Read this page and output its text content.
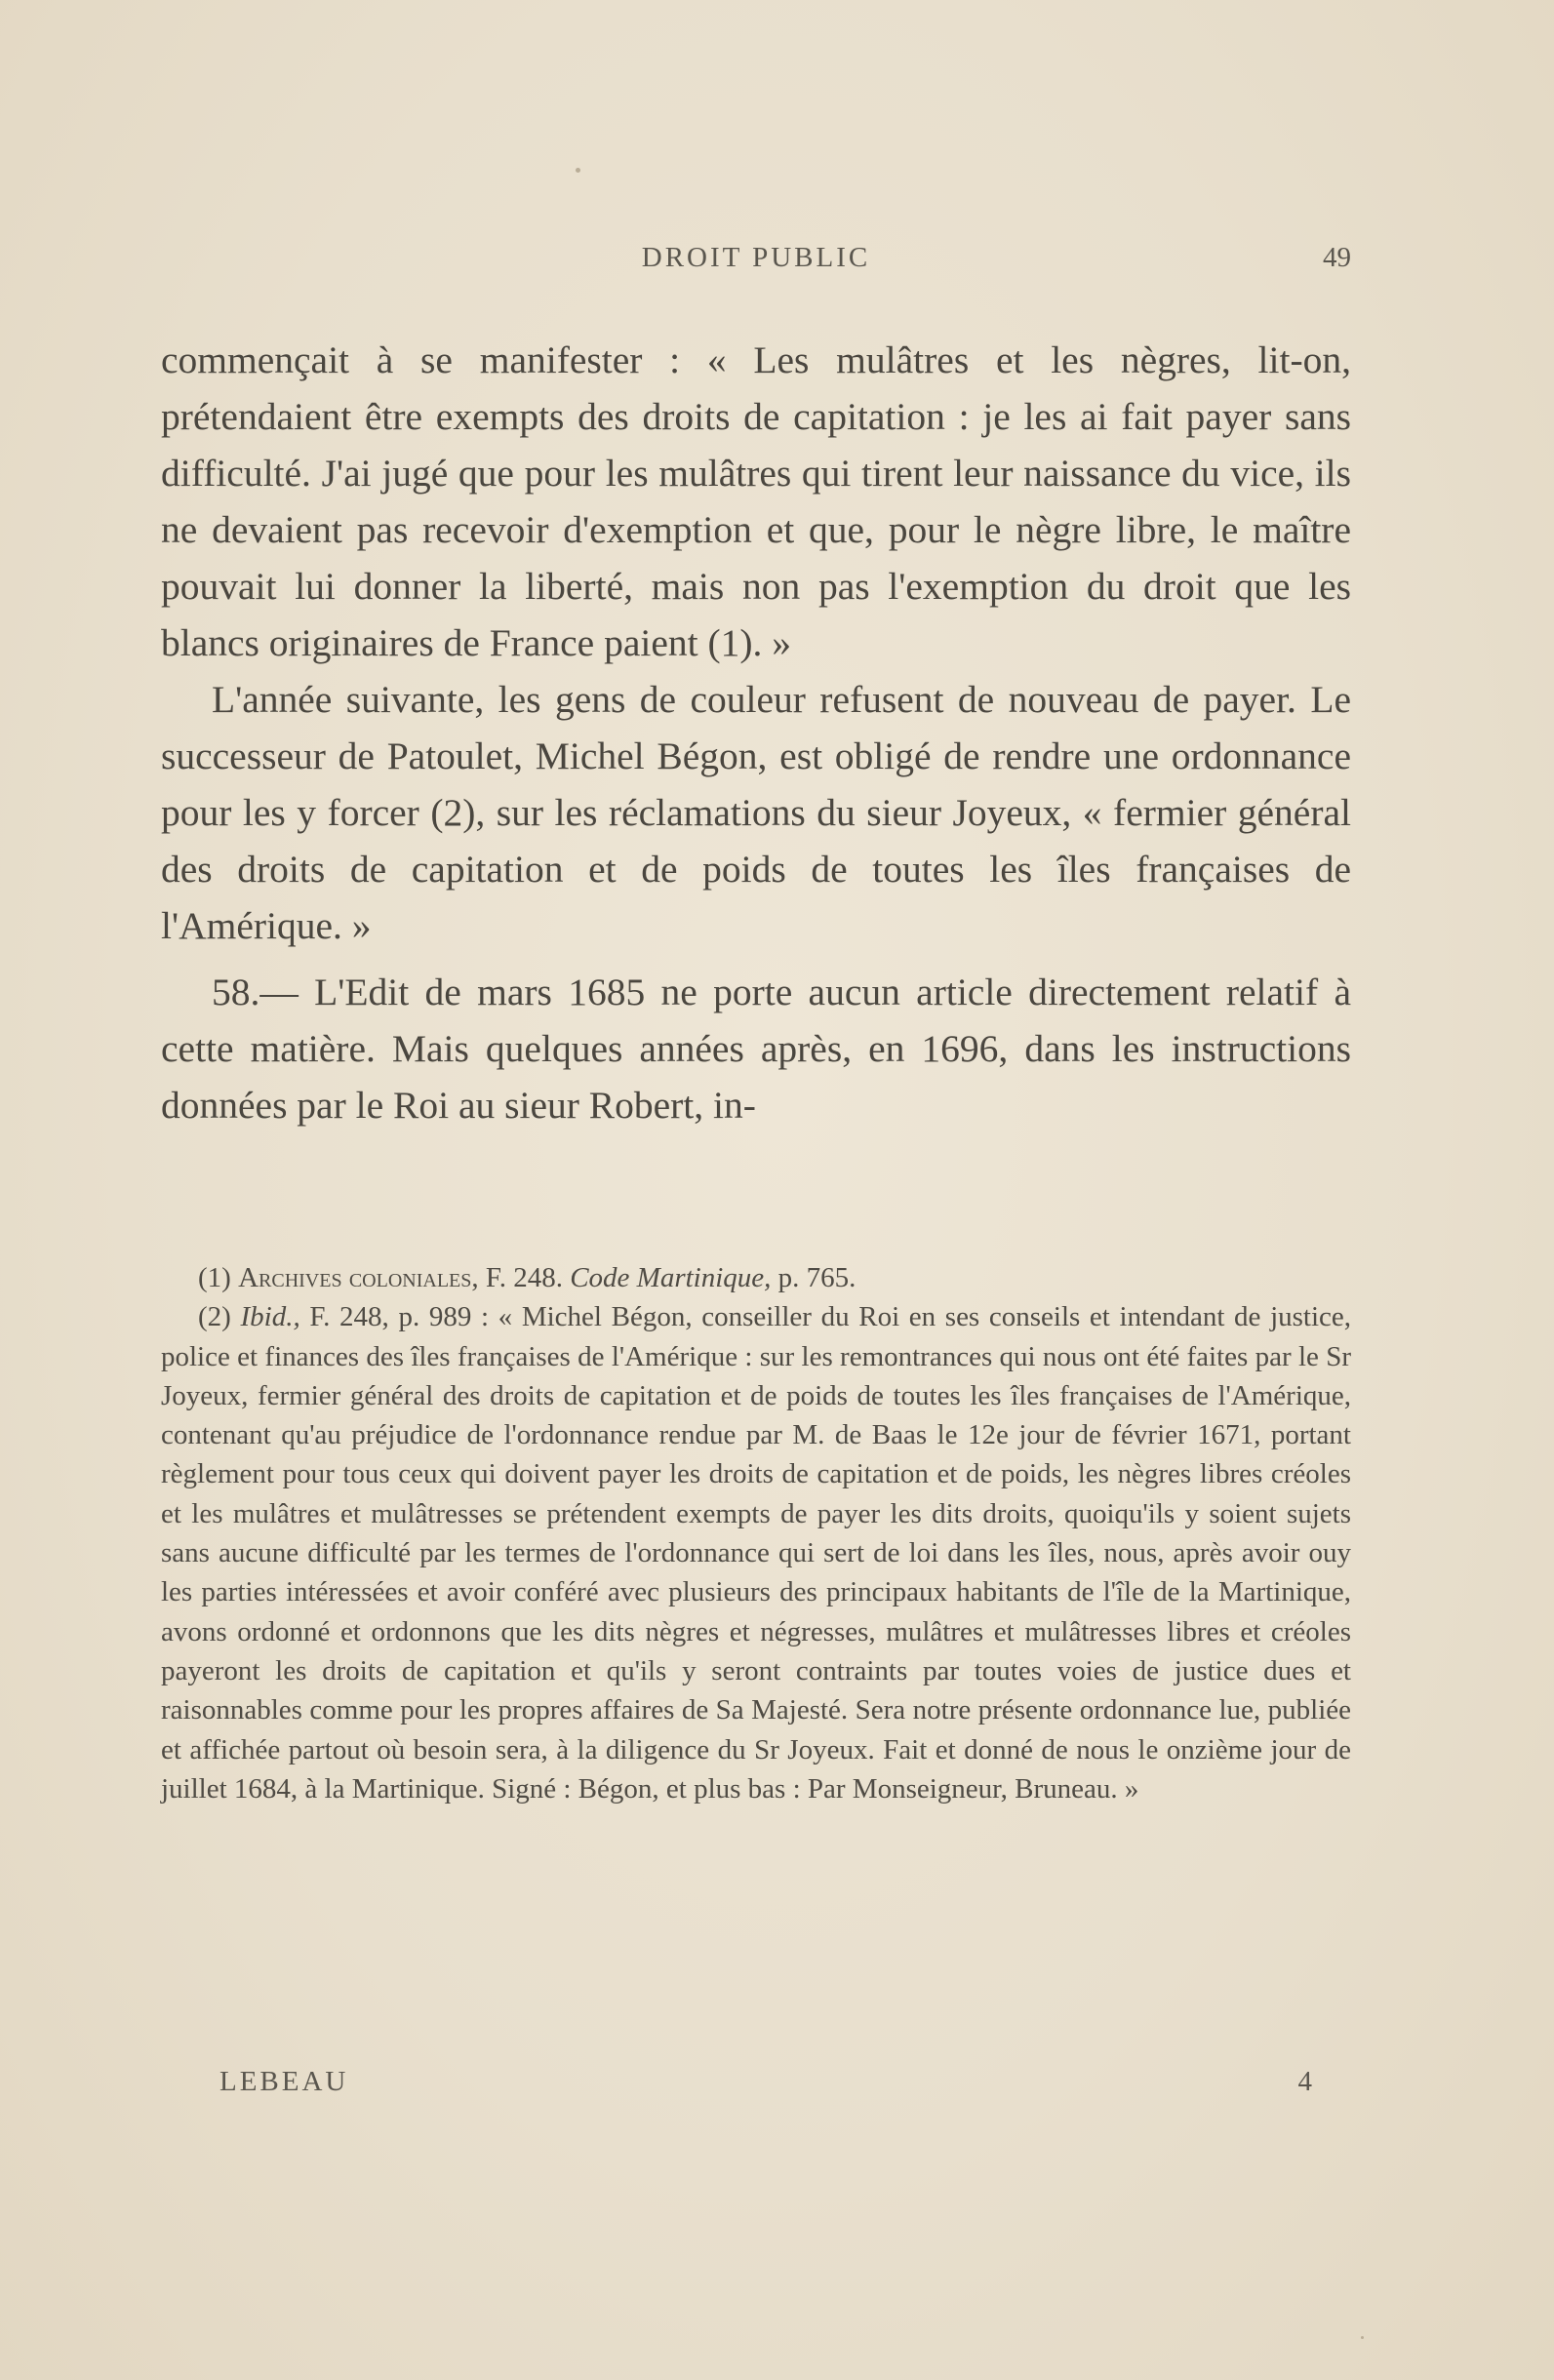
DROIT PUBLIC	49

commençait à se manifester : « Les mulâtres et les nègres, lit-on, prétendaient être exempts des droits de capitation : je les ai fait payer sans difficulté. J'ai jugé que pour les mulâtres qui tirent leur naissance du vice, ils ne devaient pas recevoir d'exemption et que, pour le nègre libre, le maître pouvait lui donner la liberté, mais non pas l'exemption du droit que les blancs originaires de France paient (1). »

L'année suivante, les gens de couleur refusent de nouveau de payer. Le successeur de Patoulet, Michel Bégon, est obligé de rendre une ordonnance pour les y forcer (2), sur les réclamations du sieur Joyeux, « fermier général des droits de capitation et de poids de toutes les îles françaises de l'Amérique. »

58.— L'Edit de mars 1685 ne porte aucun article directement relatif à cette matière. Mais quelques années après, en 1696, dans les instructions données par le Roi au sieur Robert, in-

(1) Archives coloniales, F. 248. Code Martinique, p. 765.

(2) Ibid., F. 248, p. 989 : « Michel Bégon, conseiller du Roi en ses conseils et intendant de justice, police et finances des îles françaises de l'Amérique : sur les remontrances qui nous ont été faites par le Sr Joyeux, fermier général des droits de capitation et de poids de toutes les îles françaises de l'Amérique, contenant qu'au préjudice de l'ordonnance rendue par M. de Baas le 12e jour de février 1671, portant règlement pour tous ceux qui doivent payer les droits de capitation et de poids, les nègres libres créoles et les mulâtres et mulâtresses se prétendent exempts de payer les dits droits, quoiqu'ils y soient sujets sans aucune difficulté par les termes de l'ordonnance qui sert de loi dans les îles, nous, après avoir ouy les parties intéressées et avoir conféré avec plusieurs des principaux habitants de l'île de la Martinique, avons ordonné et ordonnons que les dits nègres et négresses, mulâtres et mulâtresses libres et créoles payeront les droits de capitation et qu'ils y seront contraints par toutes voies de justice dues et raisonnables comme pour les propres affaires de Sa Majesté. Sera notre présente ordonnance lue, publiée et affichée partout où besoin sera, à la diligence du Sr Joyeux. Fait et donné de nous le onzième jour de juillet 1684, à la Martinique. Signé : Bégon, et plus bas : Par Monseigneur, Bruneau. »

LEBEAU	4
